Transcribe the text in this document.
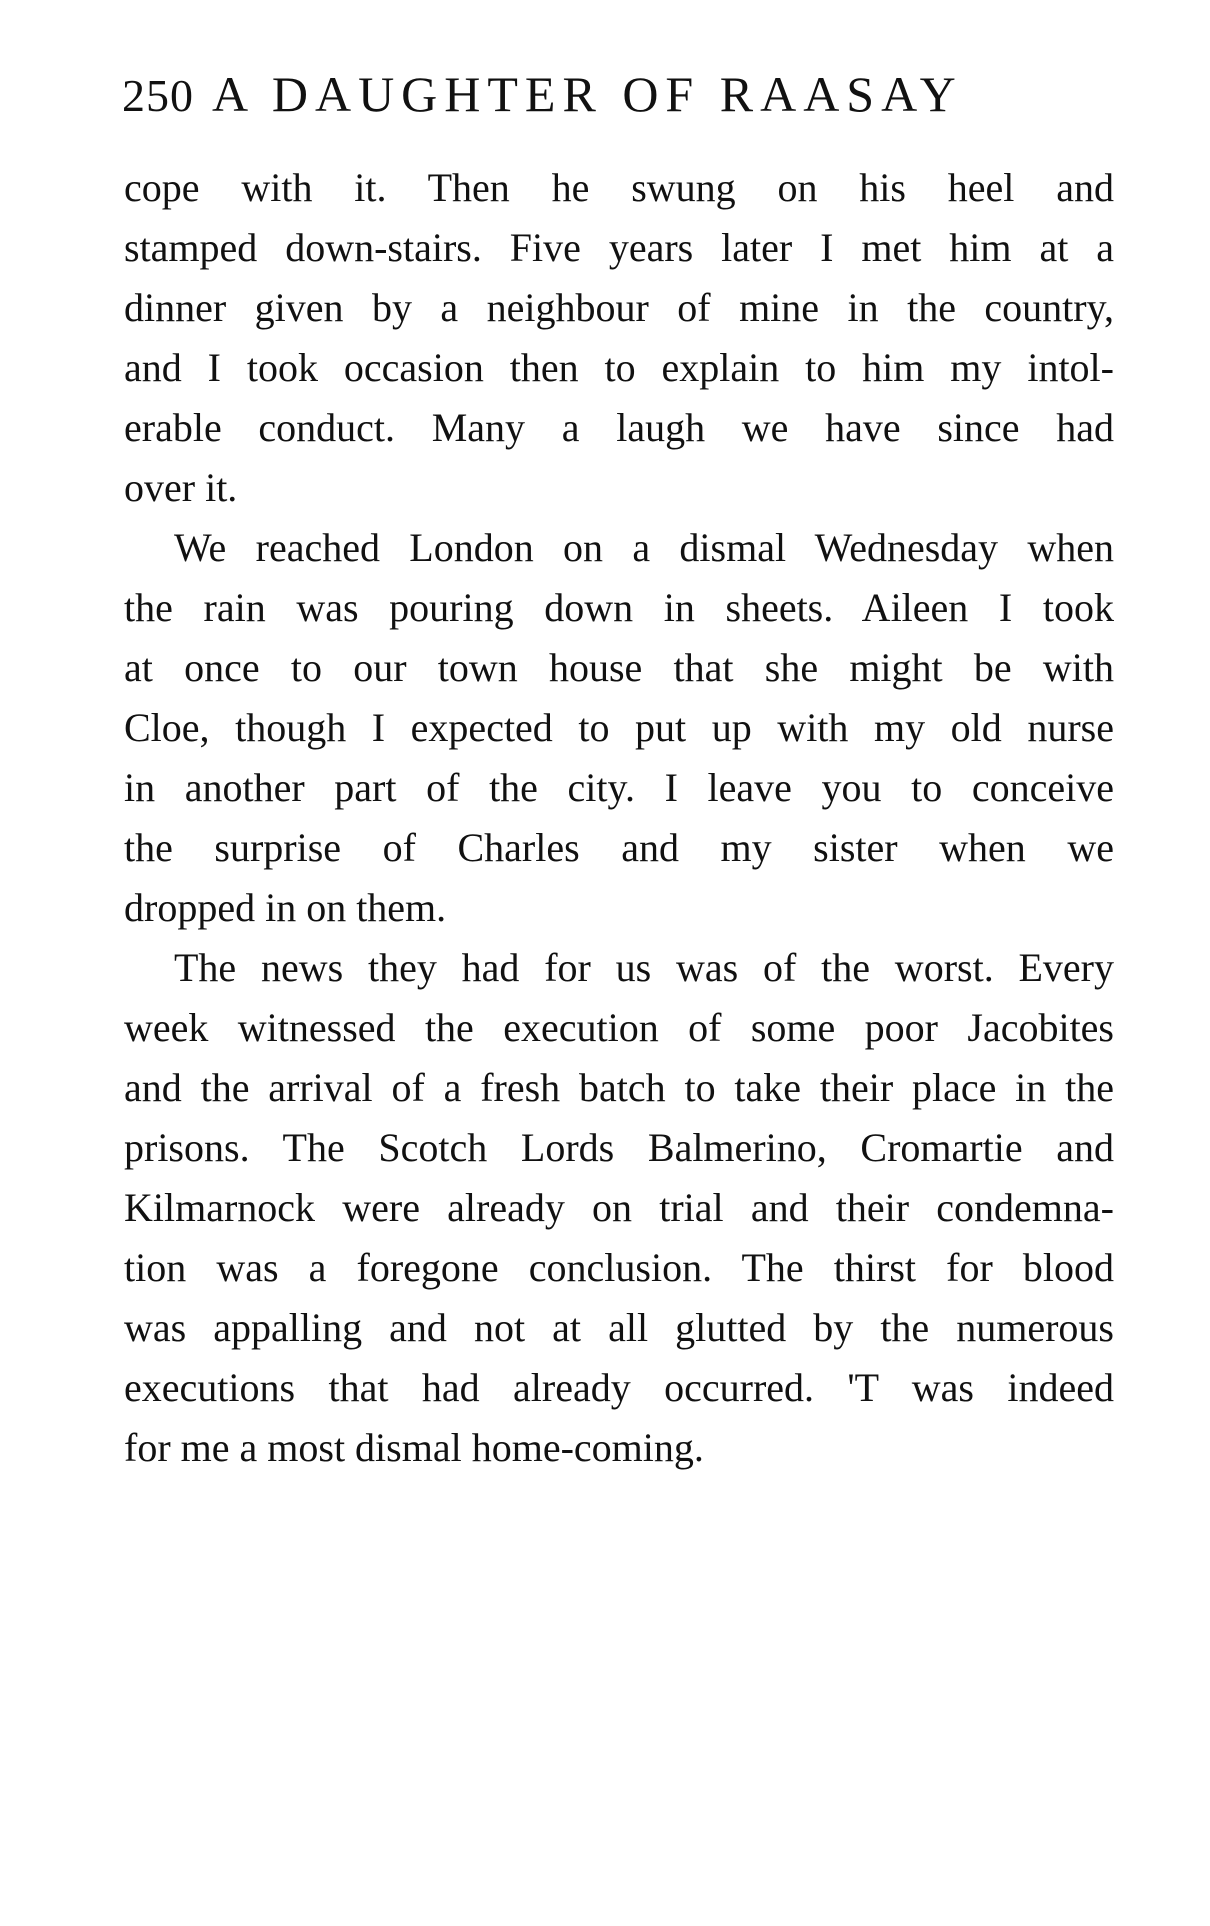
250 A DAUGHTER OF RAASAY
cope with it. Then he swung on his heel and
stamped down-stairs. Five years later I met him at a
dinner given by a neighbour of mine in the country,
and I took occasion then to explain to him my intol-
erable conduct. Many a laugh we have since had
over it.
We reached London on a dismal Wednesday when
the rain was pouring down in sheets. Aileen I took
at once to our town house that she might be with
Cloe, though I expected to put up with my old nurse
in another part of the city. I leave you to conceive
the surprise of Charles and my sister when we
dropped in on them.
The news they had for us was of the worst. Every
week witnessed the execution of some poor Jacobites
and the arrival of a fresh batch to take their place in the
prisons. The Scotch Lords Balmerino, Cromartie and
Kilmarnock were already on trial and their condemna-
tion was a foregone conclusion. The thirst for blood
was appalling and not at all glutted by the numerous
executions that had already occurred. 'T was indeed
for me a most dismal home-coming.
